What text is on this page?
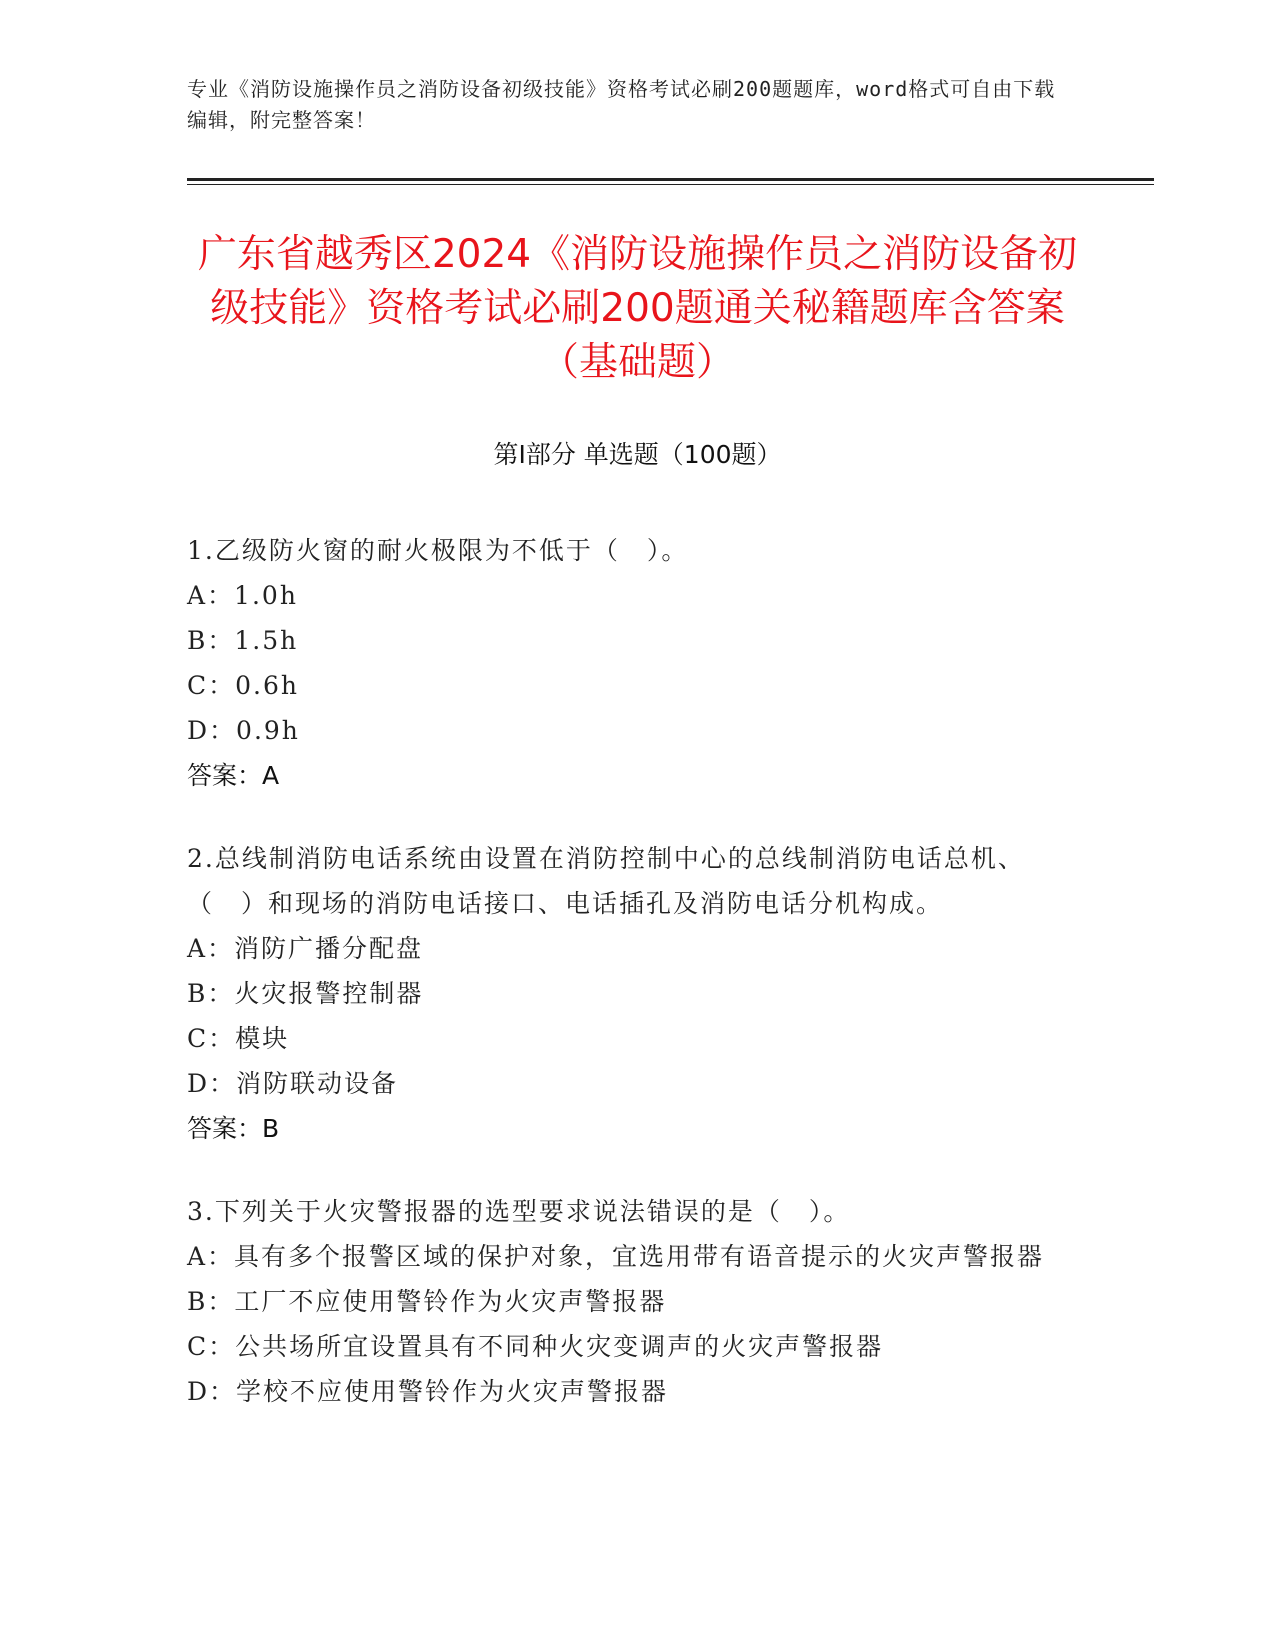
专业《消防设施操作员之消防设备初级技能》资格考试必刷200题题库，word格式可自由下载编辑，附完整答案！
广东省越秀区2024《消防设施操作员之消防设备初级技能》资格考试必刷200题通关秘籍题库含答案（基础题）
第I部分 单选题（100题）
1.乙级防火窗的耐火极限为不低于（　）。
A：1.0h
B：1.5h
C：0.6h
D：0.9h
答案：A
2.总线制消防电话系统由设置在消防控制中心的总线制消防电话总机、（　）和现场的消防电话接口、电话插孔及消防电话分机构成。
A：消防广播分配盘
B：火灾报警控制器
C：模块
D：消防联动设备
答案：B
3.下列关于火灾警报器的选型要求说法错误的是（　）。
A：具有多个报警区域的保护对象，宜选用带有语音提示的火灾声警报器
B：工厂不应使用警铃作为火灾声警报器
C：公共场所宜设置具有不同种火灾变调声的火灾声警报器
D：学校不应使用警铃作为火灾声警报器
